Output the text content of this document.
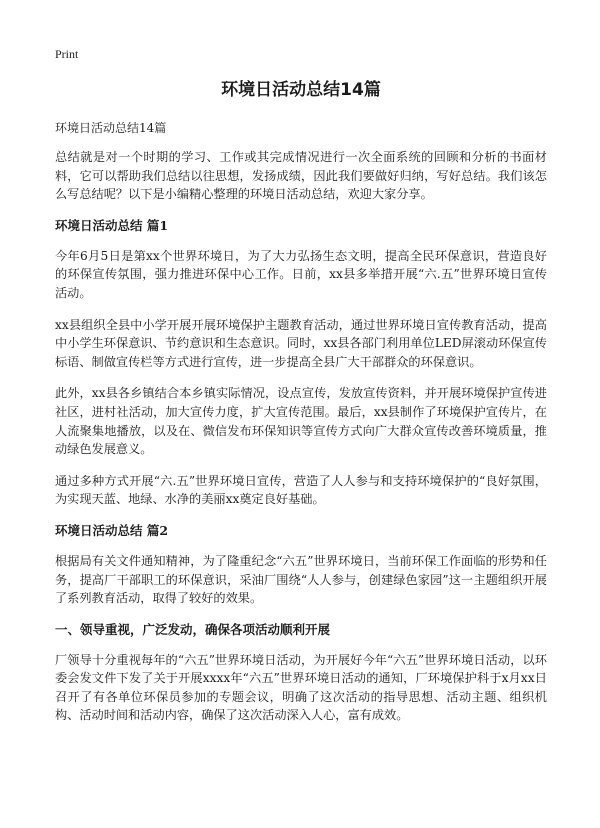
Print
环境日活动总结14篇

环境日活动总结14篇

总结就是对一个时期的学习、工作或其完成情况进行一次全面系统的回顾和分析的书面材料，它可以帮助我们总结以往思想，发扬成绩，因此我们要做好归纳，写好总结。我们该怎么写总结呢？以下是小编精心整理的环境日活动总结，欢迎大家分享。

环境日活动总结 篇1

今年6月5日是第xx个世界环境日，为了大力弘扬生态文明，提高全民环保意识，营造良好的环保宣传氛围，强力推进环保中心工作。日前，xx县多举措开展“六.五”世界环境日宣传活动。

xx县组织全县中小学开展开展环境保护主题教育活动，通过世界环境日宣传教育活动，提高中小学生环保意识、节约意识和生态意识。同时，xx县各部门利用单位LED屏滚动环保宣传标语、制做宣传栏等方式进行宣传，进一步提高全县广大干部群众的环保意识。

此外，xx县各乡镇结合本乡镇实际情况，设点宣传，发放宣传资料，并开展环境保护宣传进社区，进村社活动，加大宣传力度，扩大宣传范围。最后，xx县制作了环境保护宣传片，在人流聚集地播放，以及在、微信发布环保知识等宣传方式向广大群众宣传改善环境质量，推动绿色发展意义。

通过多种方式开展“六.五”世界环境日宣传，营造了人人参与和支持环境保护的“良好氛围，为实现天蓝、地绿、水净的美丽xx奠定良好基础。

环境日活动总结 篇2

根据局有关文件通知精神，为了隆重纪念“六五”世界环境日，当前环保工作面临的形势和任务，提高厂干部职工的环保意识，采油厂围绕“人人参与，创建绿色家园”这一主题组织开展了系列教育活动，取得了较好的效果。

一、领导重视，广泛发动，确保各项活动顺利开展

厂领导十分重视每年的“六五”世界环境日活动，为开展好今年“六五”世界环境日活动，以环委会发文件下发了关于开展xxxx年“六五”世界环境日活动的通知，厂环境保护科于x月xx日召开了有各单位环保员参加的专题会议，明确了这次活动的指导思想、活动主题、组织机构、活动时间和活动内容，确保了这次活动深入人心，富有成效。
